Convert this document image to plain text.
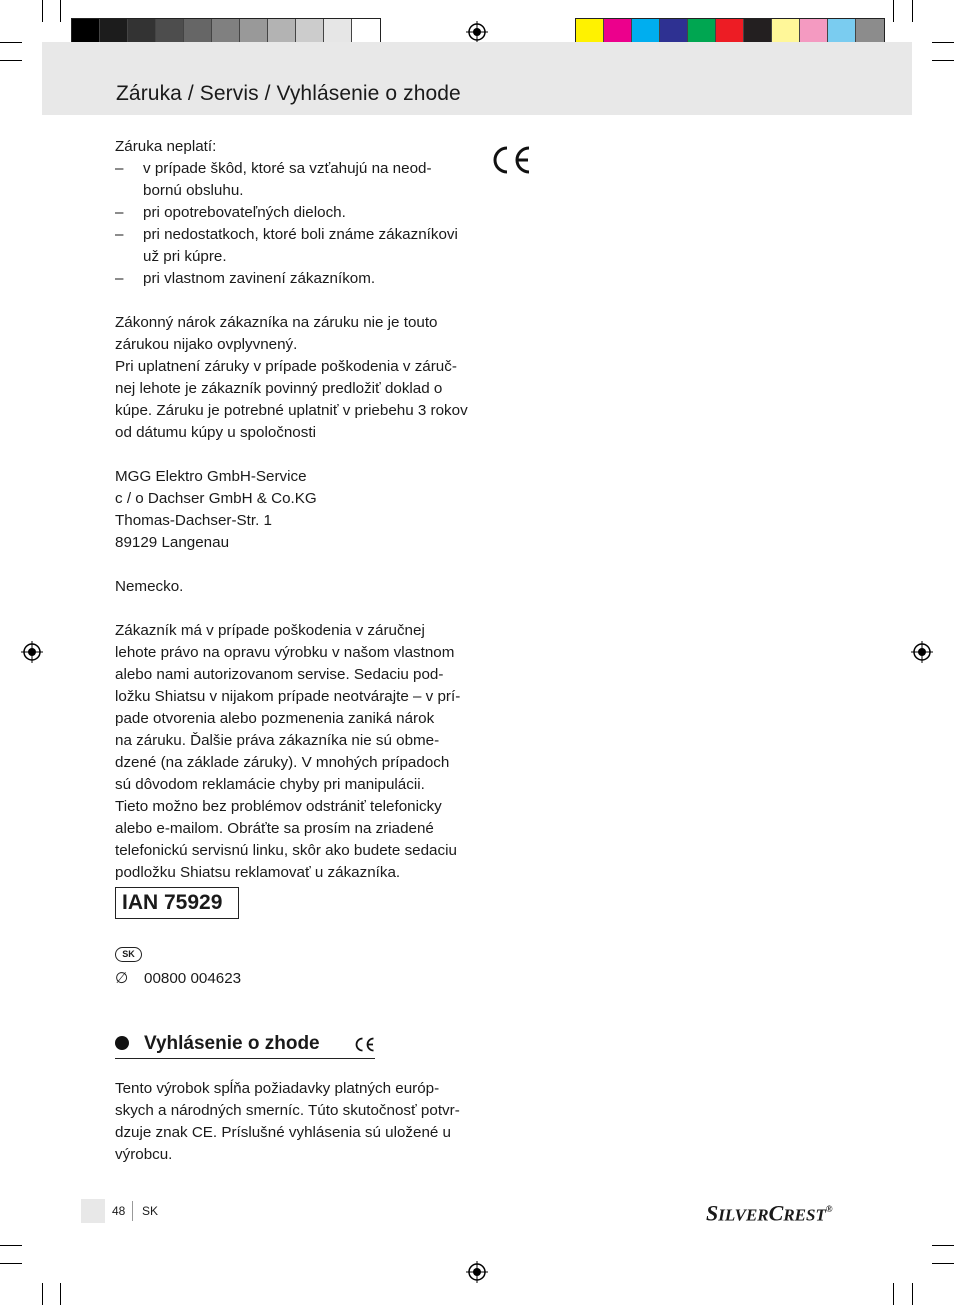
Záruka / Servis / Vyhlásenie o zhode

Záruka neplatí:

– v prípade škôd, ktoré sa vzťahujú na neod-
bornú obsluhu.
– pri opotrebovateľných dieloch.
– pri nedostatkoch, ktoré boli známe zákazníkovi
už pri kúpre.
– pri vlastnom zavinení zákazníkom.

Zákonný nárok zákazníka na záruku nie je touto

zárukou nijako ovplyvnený.

Pri uplatnení záruky v prípade poškodenia v záruč-

nej lehote je zákazník povinný predložiť doklad o

kúpe. Záruku je potrebné uplatniť v priebehu 3 rokov

od dátumu kúpy u spoločnosti

MGG Elektro GmbH-Service

c / o Dachser GmbH & Co.KG

Thomas-Dachser-Str. 1

89129 Langenau

Nemecko.

Zákazník má v prípade poškodenia v záručnej

lehote právo na opravu výrobku v našom vlastnom

alebo nami autorizovanom servise. Sedaciu pod-

ložku Shiatsu v nijakom prípade neotvárajte – v prí-

pade otvorenia alebo pozmenenia zaniká nárok

na záruku. Ďalšie práva zákazníka nie sú obme-

dzené (na základe záruky). V mnohých prípadoch

sú dôvodom reklamácie chyby pri manipulácii.

Tieto možno bez problémov odstrániť telefonicky

alebo e-mailom. Obráťte sa prosím na zriadené

telefonickú servisnú linku, skôr ako budete sedaciu

podložku Shiatsu reklamovať u zákazníka.

IAN 75929
SK
∅ 00800 004623
Vyhlásenie o zhode

Tento výrobok spĺňa požiadavky platných európ-

skych a národných smerníc. Túto skutočnosť potvr-

dzuje znak CE. Príslušné vyhlásenia sú uložené u

výrobcu.

48 SK	SILVERCREST®
